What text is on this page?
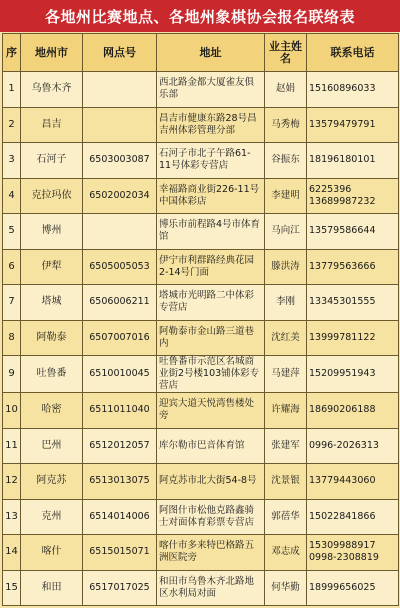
各地州比赛地点、各地州象棋协会报名联络表
序	地州市	网点号	地址	业主姓名	联系电话
1	乌鲁木齐		西北路金都大厦雀友俱乐部	赵娟	15160896033

2	昌吉		昌吉市健康东路28号昌吉州体彩管理分部	马秀梅	13579479791

3	石河子	6503003087	石河子市北子午路61-11号体彩专营店	谷振东	18196180101

4	克拉玛依	6502002034	幸福路商业街226-11号中国体彩店	李建明	6225396
13689987232

5	博州		博乐市前程路4号市体育馆	马向江	13579586644

6	伊犁	6505005053	伊宁市利群路经典花园2-14号门面	滕洪涛	13779563666

7	塔城	6506006211	塔城市光明路二中体彩专营店	李刚	13345301555

8	阿勒泰	6507007016	阿勒泰市金山路三道巷内	沈红美	13999781122

9	吐鲁番	6510010045	吐鲁番市示范区名城商业街2号楼103铺体彩专营店	马建萍	15209951943

10	哈密	6511011040	迎宾大道天悦湾售楼处旁	许耀海	18690206188

11	巴州	6512012057	库尔勒市巴音体育馆	张建军	0996-2026313

12	阿克苏	6513013075	阿克苏市北大街54-8号	沈景银	13779443060

13	克州	6514014006	阿图什市松他克路鑫骑士对面体育彩票专营店	郭蓓华	15022841866

14	喀什	6515015071	喀什市多来特巴格路五洲医院旁	邓志成	15309988917
0998-2308819

15	和田	6517017025	和田市乌鲁木齐北路地区水利局对面	何华勤	18999656025
